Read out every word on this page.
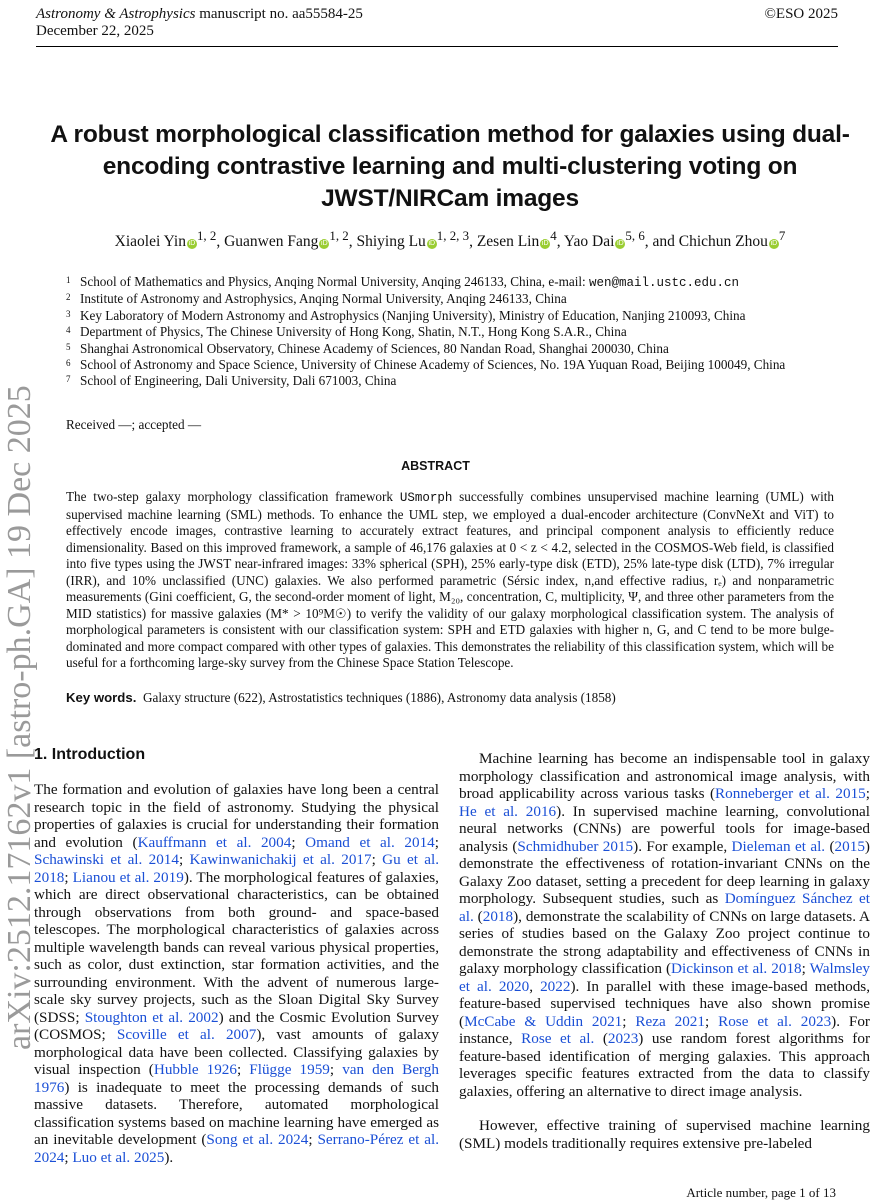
Astronomy & Astrophysics manuscript no. aa55584-25
December 22, 2025
©ESO 2025
arXiv:2512.17162v1 [astro-ph.GA] 19 Dec 2025
A robust morphological classification method for galaxies using dual-encoding contrastive learning and multi-clustering voting on JWST/NIRCam images
Xiaolei Yin iD$^{1, 2}$, Guanwen Fang iD$^{1, 2}$, Shiying Lu iD$^{1, 2, 3}$, Zesen Lin $iD^4$, Yao Dai iD$^{5, 6}$, and Chichun Zhou $iD^7$
1 School of Mathematics and Physics, Anqing Normal University, Anqing 246133, China, e-mail: wen@mail.ustc.edu.cn
2 Institute of Astronomy and Astrophysics, Anqing Normal University, Anqing 246133, China
3 Key Laboratory of Modern Astronomy and Astrophysics (Nanjing University), Ministry of Education, Nanjing 210093, China
4 Department of Physics, The Chinese University of Hong Kong, Shatin, N.T., Hong Kong S.A.R., China
5 Shanghai Astronomical Observatory, Chinese Academy of Sciences, 80 Nandan Road, Shanghai 200030, China
6 School of Astronomy and Space Science, University of Chinese Academy of Sciences, No. 19A Yuquan Road, Beijing 100049, China
7 School of Engineering, Dali University, Dali 671003, China
Received —; accepted —
ABSTRACT
The two-step galaxy morphology classification framework USmorph successfully combines unsupervised machine learning (UML) with supervised machine learning (SML) methods. To enhance the UML step, we employed a dual-encoder architecture (ConvNeXt and ViT) to effectively encode images, contrastive learning to accurately extract features, and principal component analysis to efficiently reduce dimensionality. Based on this improved framework, a sample of 46,176 galaxies at 0 < z < 4.2, selected in the COSMOS-Web field, is classified into five types using the JWST near-infrared images: 33% spherical (SPH), 25% early-type disk (ETD), 25% late-type disk (LTD), 7% irregular (IRR), and 10% unclassified (UNC) galaxies. We also performed parametric (Sérsic index, n,and effective radius, rₑ) and nonparametric measurements (Gini coefficient, G, the second-order moment of light, M₂₀, concentration, C, multiplicity, Ψ, and three other parameters from the MID statistics) for massive galaxies (M* > 10⁹M☉) to verify the validity of our galaxy morphological classification system. The analysis of morphological parameters is consistent with our classification system: SPH and ETD galaxies with higher n, G, and C tend to be more bulge-dominated and more compact compared with other types of galaxies. This demonstrates the reliability of this classification system, which will be useful for a forthcoming large-sky survey from the Chinese Space Station Telescope.
Key words. Galaxy structure (622), Astrostatistics techniques (1886), Astronomy data analysis (1858)
1. Introduction

The formation and evolution of galaxies have long been a central research topic in the field of astronomy. Studying the physical properties of galaxies is crucial for understanding their formation and evolution (Kauffmann et al. 2004; Omand et al. 2014; Schawinski et al. 2014; Kawinwanichakij et al. 2017; Gu et al. 2018; Lianou et al. 2019). The morphological features of galaxies, which are direct observational characteristics, can be obtained through observations from both ground- and space-based telescopes. The morphological characteristics of galaxies across multiple wavelength bands can reveal various physical properties, such as color, dust extinction, star formation activities, and the surrounding environment. With the advent of numerous large-scale sky survey projects, such as the Sloan Digital Sky Survey (SDSS; Stoughton et al. 2002) and the Cosmic Evolution Survey (COSMOS; Scoville et al. 2007), vast amounts of galaxy morphological data have been collected. Classifying galaxies by visual inspection (Hubble 1926; Flügge 1959; van den Bergh 1976) is inadequate to meet the processing demands of such massive datasets. Therefore, automated morphological classification systems based on machine learning have emerged as an inevitable development (Song et al. 2024; Serrano-Pérez et al. 2024; Luo et al. 2025).

Machine learning has become an indispensable tool in galaxy morphology classification and astronomical image analysis, with broad applicability across various tasks (Ronneberger et al. 2015; He et al. 2016). In supervised machine learning, convolutional neural networks (CNNs) are powerful tools for image-based analysis (Schmidhuber 2015). For example, Dieleman et al. (2015) demonstrate the effectiveness of rotation-invariant CNNs on the Galaxy Zoo dataset, setting a precedent for deep learning in galaxy morphology. Subsequent studies, such as Domínguez Sánchez et al. (2018), demonstrate the scalability of CNNs on large datasets. A series of studies based on the Galaxy Zoo project continue to demonstrate the strong adaptability and effectiveness of CNNs in galaxy morphology classification (Dickinson et al. 2018; Walmsley et al. 2020, 2022). In parallel with these image-based methods, feature-based supervised techniques have also shown promise (McCabe & Uddin 2021; Reza 2021; Rose et al. 2023). For instance, Rose et al. (2023) use random forest algorithms for feature-based identification of merging galaxies. This approach leverages specific features extracted from the data to classify galaxies, offering an alternative to direct image analysis.

However, effective training of supervised machine learning (SML) models traditionally requires extensive pre-labeled

Article number, page 1 of 13
